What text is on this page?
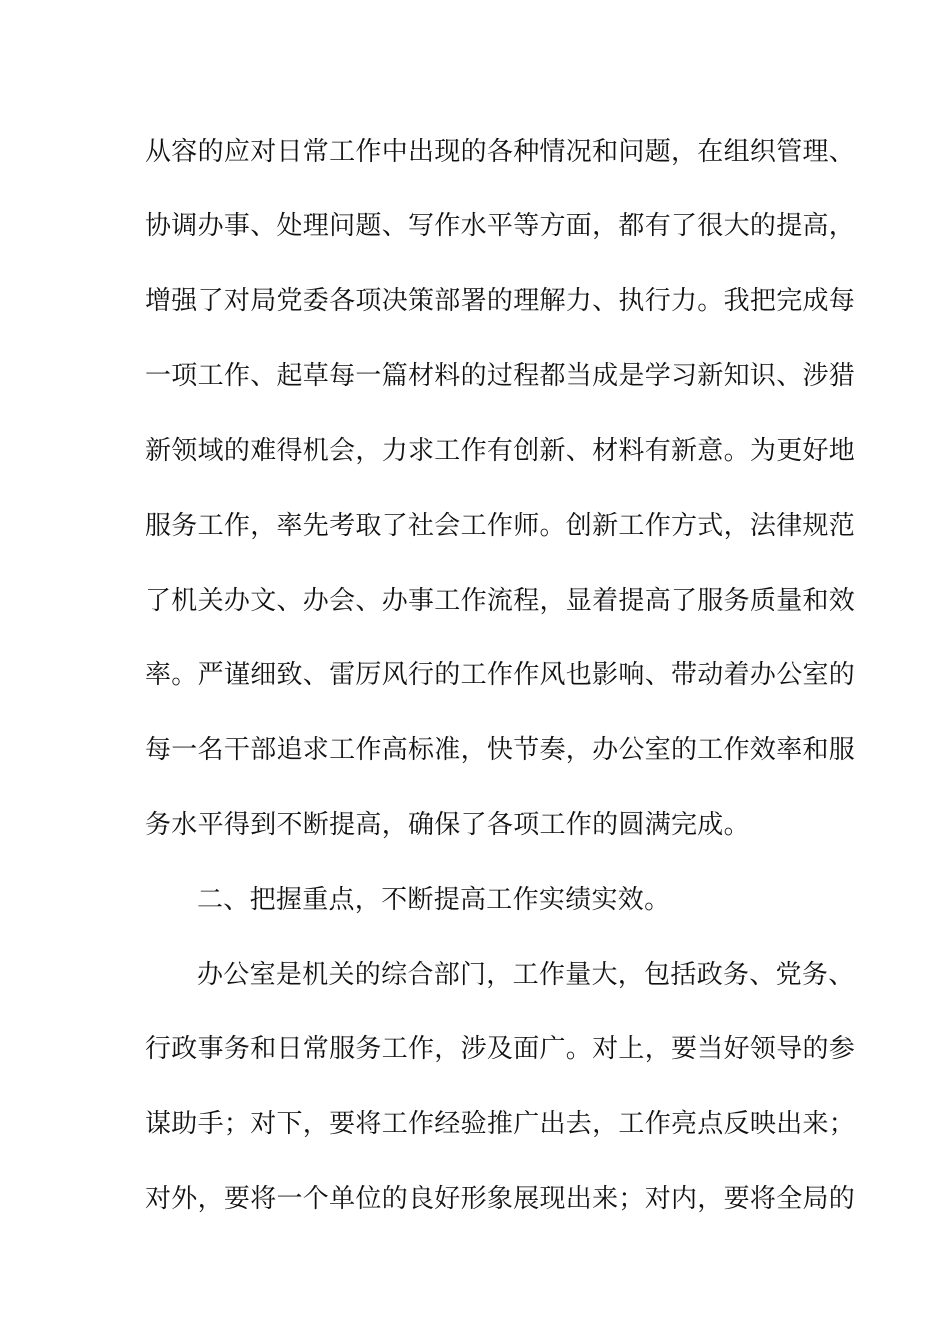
从容的应对日常工作中出现的各种情况和问题，在组织管理、
协调办事、处理问题、写作水平等方面，都有了很大的提高，
增强了对局党委各项决策部署的理解力、执行力。我把完成每
一项工作、起草每一篇材料的过程都当成是学习新知识、涉猎
新领域的难得机会，力求工作有创新、材料有新意。为更好地
服务工作，率先考取了社会工作师。创新工作方式，法律规范
了机关办文、办会、办事工作流程，显着提高了服务质量和效
率。严谨细致、雷厉风行的工作作风也影响、带动着办公室的
每一名干部追求工作高标准，快节奏，办公室的工作效率和服
务水平得到不断提高，确保了各项工作的圆满完成。
二、把握重点，不断提高工作实绩实效。
办公室是机关的综合部门，工作量大，包括政务、党务、
行政事务和日常服务工作，涉及面广。对上，要当好领导的参
谋助手；对下，要将工作经验推广出去，工作亮点反映出来；
对外，要将一个单位的良好形象展现出来；对内，要将全局的
